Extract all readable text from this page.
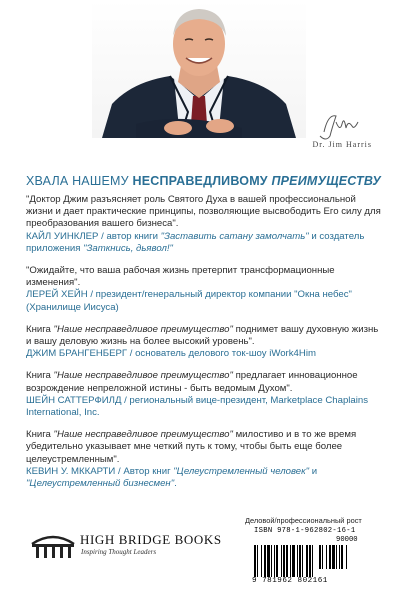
Dr. Jim Harris
ХВАЛА НАШЕМУ НЕСПРАВЕДЛИВОМУ ПРЕИМУЩЕСТВУ

"Доктор Джим разъясняет роль Святого Духа в вашей профессиональной жизни и дает практические принципы, позволяющие высвободить Его силу для преобразования вашего бизнеса".

КАЙЛ УИНКЛЕР / автор книги "Заставить сатану замолчать" и создатель приложения "Заткнись, дьявол!"

"Ожидайте, что ваша рабочая жизнь претерпит трансформационные изменения".

ЛЕРЕЙ ХЕЙН / президент/генеральный директор компании "Окна небес" (Хранилище Иисуса)

Книга "Наше несправедливое преимущество" поднимет вашу духовную жизнь и вашу деловую жизнь на более высокий уровень".

ДЖИМ БРАНГЕНБЕРГ / основатель делового ток-шоу iWork4Him

Книга "Наше несправедливое преимущество" предлагает инновационное возрождение непреложной истины - быть ведомым Духом".

ШЕЙН САТТЕРФИЛД / региональный вице-президент, Marketplace Chaplains International, Inc.

Книга "Наше несправедливое преимущество" милостиво и в то же время убедительно указывает мне четкий путь к тому, чтобы быть еще более целеустремленным".

КЕВИН У. МККАРТИ / Автор книг "Целеустремленный человек" и "Целеустремленный бизнесмен".

HIGH BRIDGE BOOKS
Inspiring Thought Leaders
Деловой/профессиональный рост
ISBN 978-1-962802-16-1
90000
9 781962 802161
